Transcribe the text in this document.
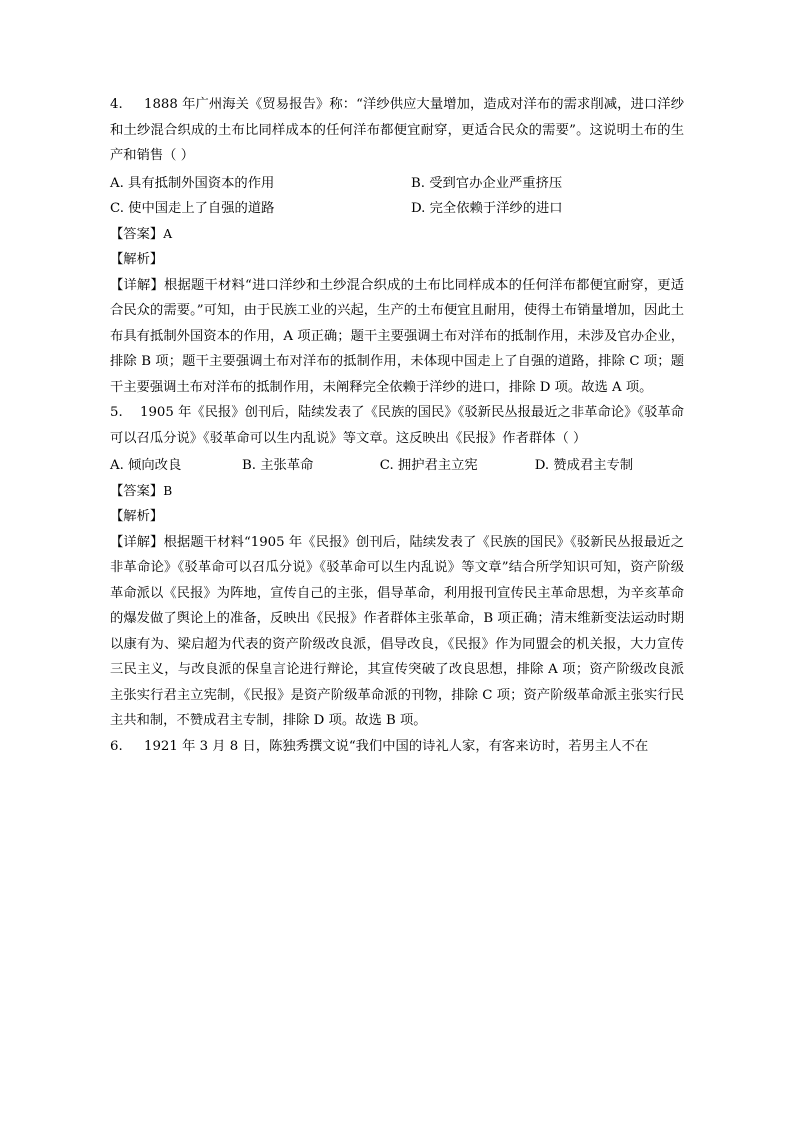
4. 1888 年广州海关《贸易报告》称：“洋纱供应大量增加，造成对洋布的需求削减，进口洋纱和土纱混合织成的土布比同样成本的任何洋布都便宜耐穿，更适合民众的需要”。这说明土布的生产和销售（ ）

A. 具有抵制外国资本的作用	B. 受到官办企业严重挤压
C. 使中国走上了自强的道路	D. 完全依赖于洋纱的进口

【答案】A

【解析】

【详解】根据题干材料“进口洋纱和土纱混合织成的土布比同样成本的任何洋布都便宜耐穿，更适合民众的需要。”可知，由于民族工业的兴起，生产的土布便宜且耐用，使得土布销量增加，因此土布具有抵制外国资本的作用，A 项正确；题干主要强调土布对洋布的抵制作用，未涉及官办企业，排除 B 项；题干主要强调土布对洋布的抵制作用，未体现中国走上了自强的道路，排除 C 项；题干主要强调土布对洋布的抵制作用，未阐释完全依赖于洋纱的进口，排除 D 项。故选 A 项。

5. 1905 年《民报》创刊后，陆续发表了《民族的国民》《驳新民丛报最近之非革命论》《驳革命可以召瓜分说》《驳革命可以生内乱说》等文章。这反映出《民报》作者群体（ ）

A. 倾向改良	B. 主张革命	C. 拥护君主立宪	D. 赞成君主专制

【答案】B

【解析】

【详解】根据题干材料“1905 年《民报》创刊后，陆续发表了《民族的国民》《驳新民丛报最近之非革命论》《驳革命可以召瓜分说》《驳革命可以生内乱说》等文章”结合所学知识可知，资产阶级革命派以《民报》为阵地，宣传自己的主张，倡导革命，利用报刊宣传民主革命思想，为辛亥革命的爆发做了舆论上的准备，反映出《民报》作者群体主张革命，B 项正确；清末维新变法运动时期以康有为、梁启超为代表的资产阶级改良派，倡导改良，《民报》作为同盟会的机关报，大力宣传三民主义，与改良派的保皇言论进行辩论，其宣传突破了改良思想，排除 A 项；资产阶级改良派主张实行君主立宪制，《民报》是资产阶级革命派的刊物，排除 C 项；资产阶级革命派主张实行民主共和制，不赞成君主专制，排除 D 项。故选 B 项。

6. 1921 年 3 月 8 日，陈独秀撰文说“我们中国的诗礼人家，有客来访时，若男主人不在
